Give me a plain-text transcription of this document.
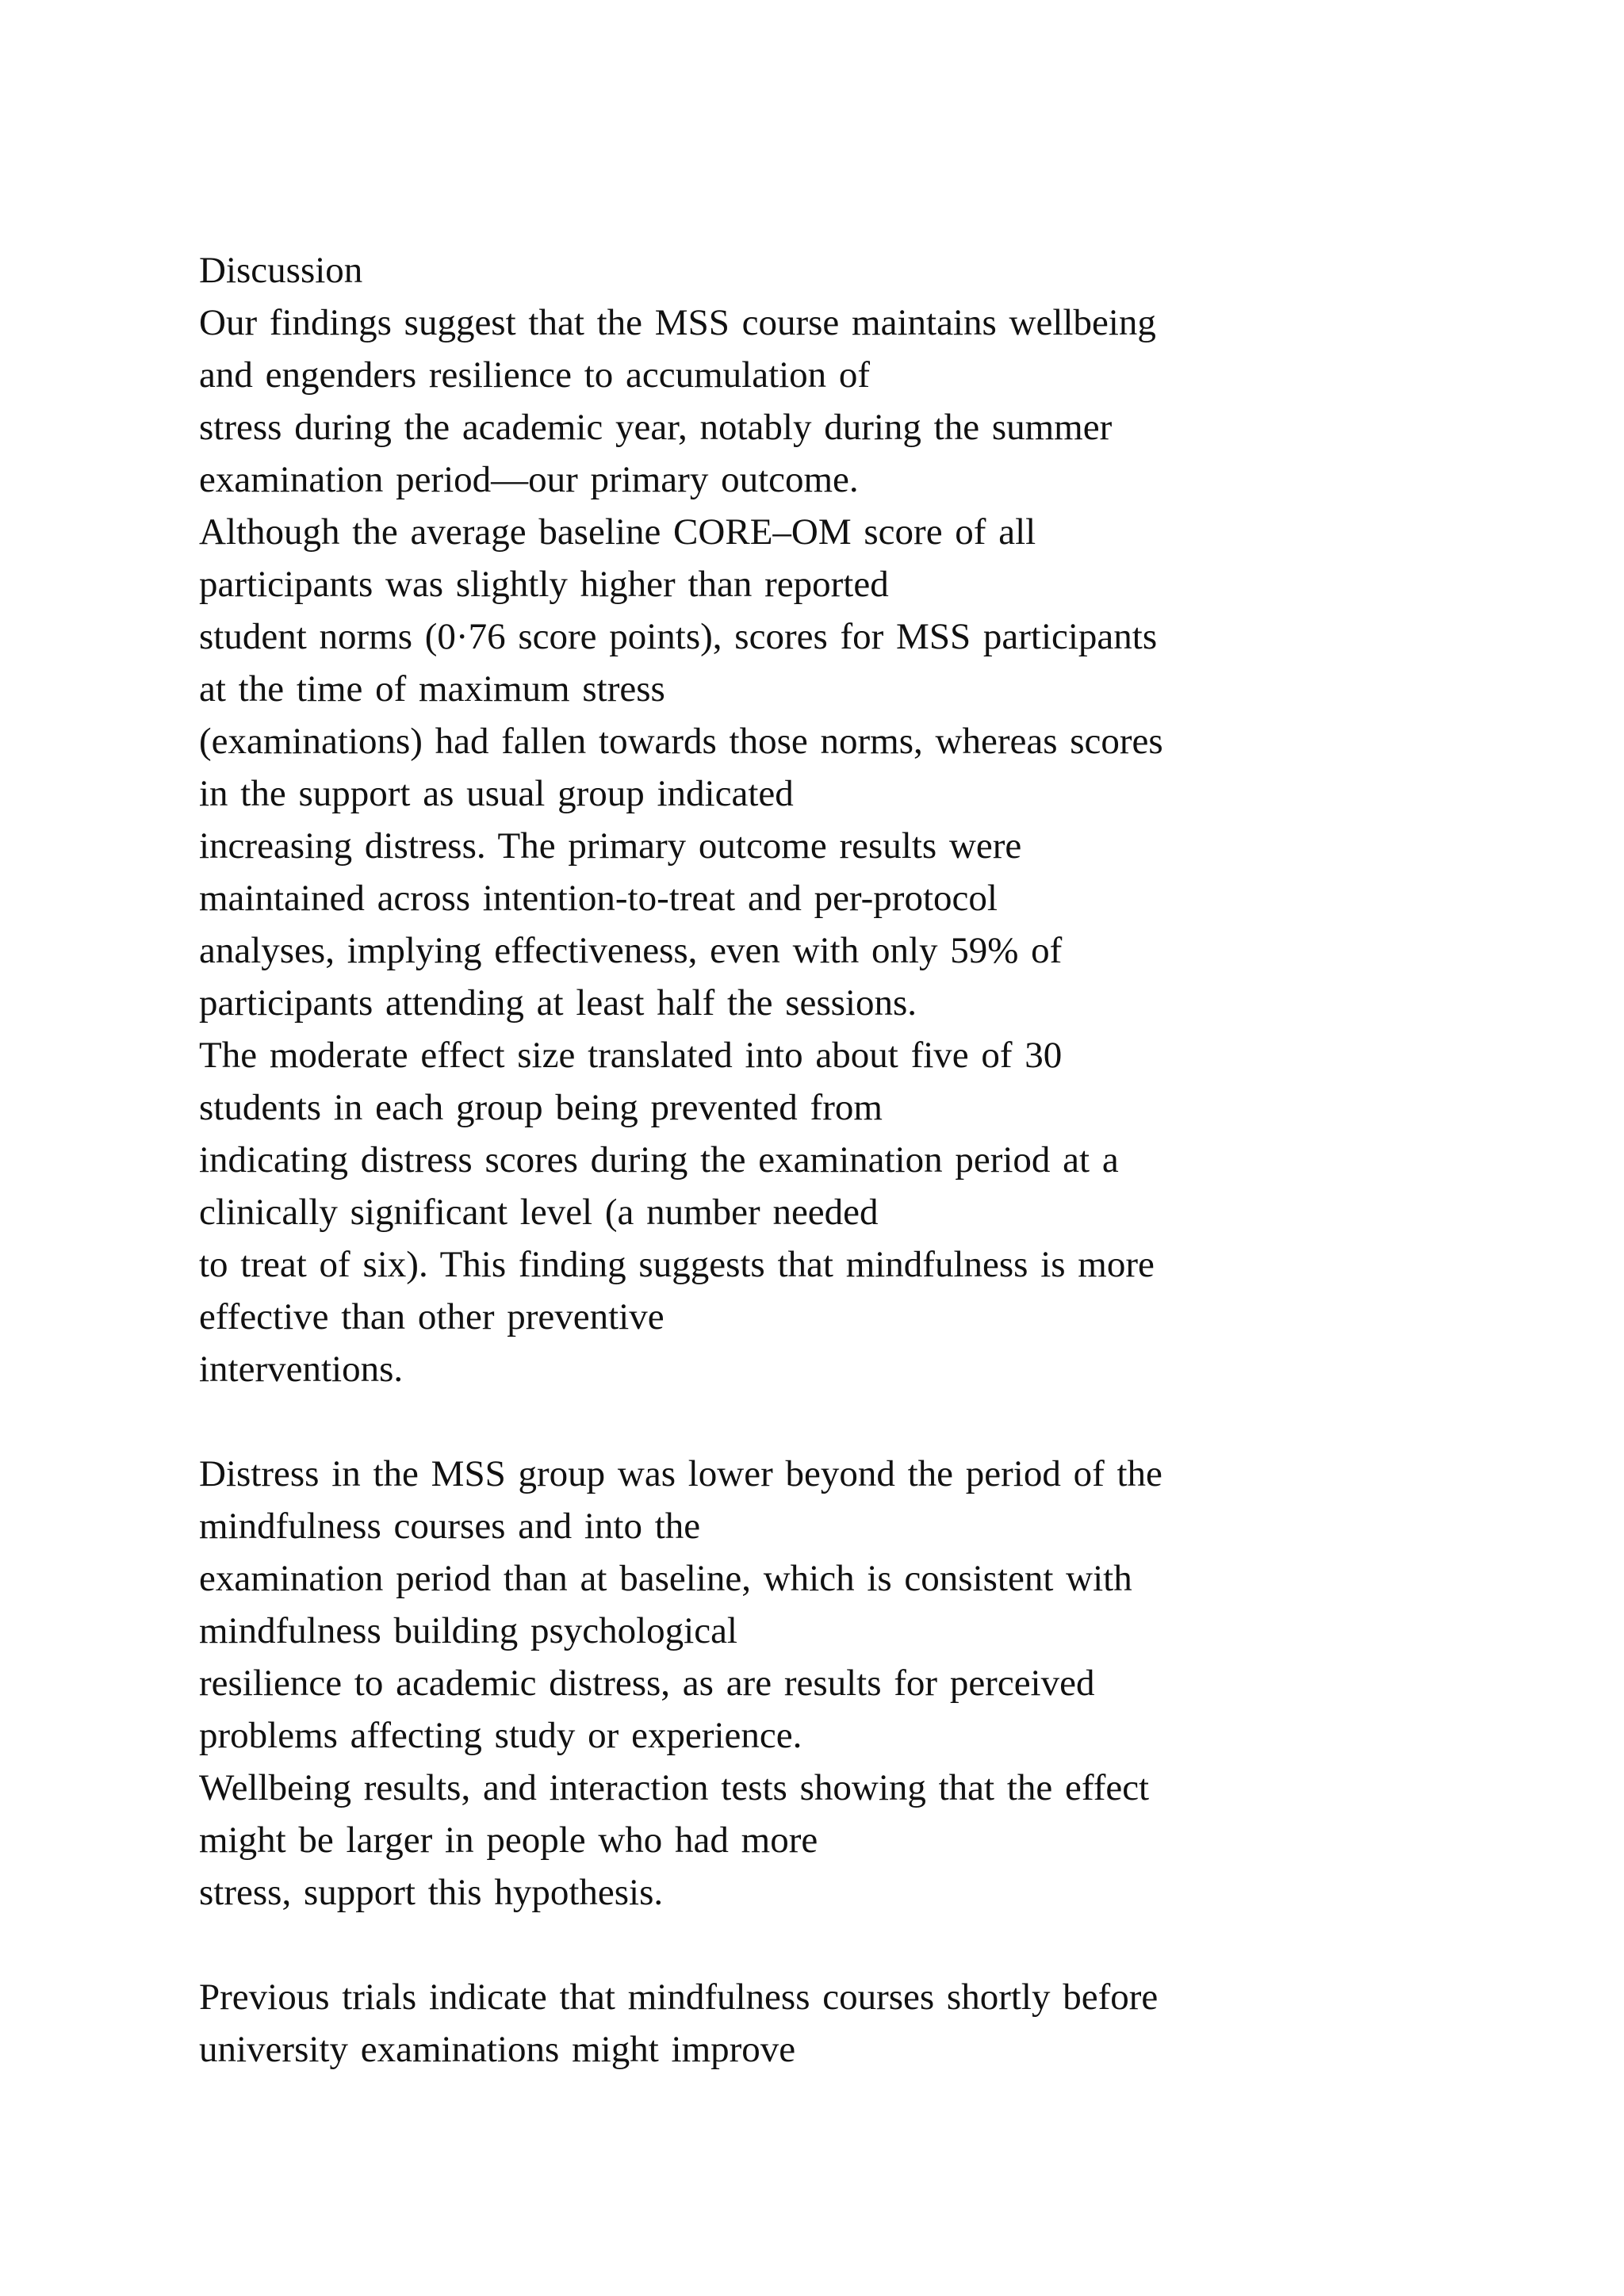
Discussion
Our findings suggest that the MSS course maintains wellbeing
and engenders resilience to accumulation of
stress during the academic year, notably during the summer
examination period—our primary outcome.
Although the average baseline CORE–OM score of all
participants was slightly higher than reported
student norms (0·76 score points), scores for MSS participants
at the time of maximum stress
(examinations) had fallen towards those norms, whereas scores
in the support as usual group indicated
increasing distress. The primary outcome results were
maintained across intention-to-treat and per-protocol
analyses, implying effectiveness, even with only 59% of
participants attending at least half the sessions.
The moderate effect size translated into about five of 30
students in each group being prevented from
indicating distress scores during the examination period at a
clinically significant level (a number needed
to treat of six). This finding suggests that mindfulness is more
effective than other preventive
interventions.
Distress in the MSS group was lower beyond the period of the
mindfulness courses and into the
examination period than at baseline, which is consistent with
mindfulness building psychological
resilience to academic distress, as are results for perceived
problems affecting study or experience.
Wellbeing results, and interaction tests showing that the effect
might be larger in people who had more
stress, support this hypothesis.
Previous trials indicate that mindfulness courses shortly before
university examinations might improve
